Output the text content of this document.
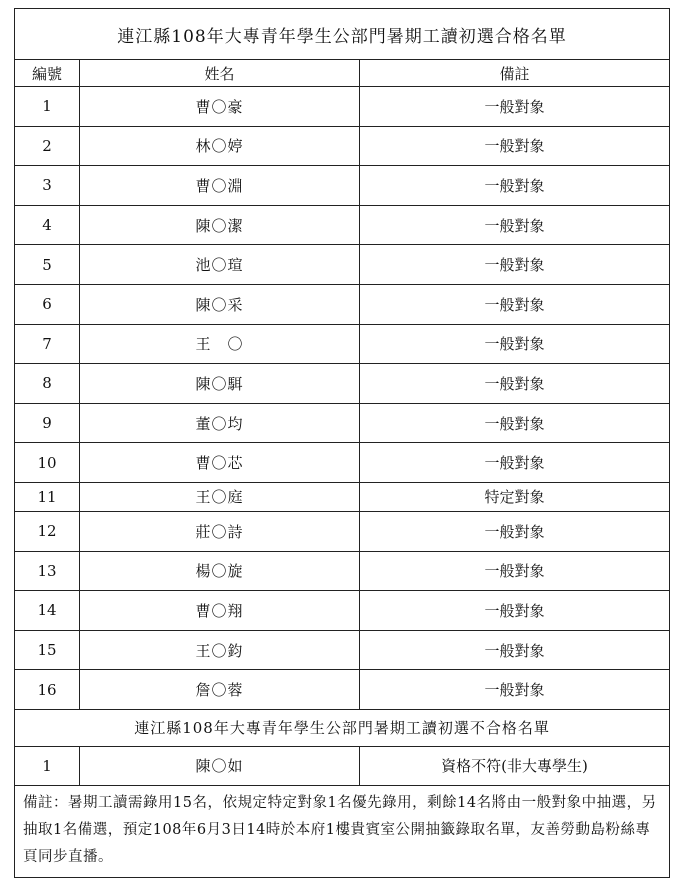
連江縣108年大專青年學生公部門暑期工讀初選合格名單		
編號	姓名	備註
1	曹〇豪	一般對象
2	林〇婷	一般對象
3	曹〇淵	一般對象
4	陳〇潔	一般對象
5	池〇瑄	一般對象
6	陳〇采	一般對象
7	王　〇	一般對象
8	陳〇駬	一般對象
9	董〇均	一般對象
10	曹〇芯	一般對象
11	王〇庭	特定對象
12	莊〇詩	一般對象
13	楊〇旋	一般對象
14	曹〇翔	一般對象
15	王〇鈞	一般對象
16	詹〇蓉	一般對象
連江縣108年大專青年學生公部門暑期工讀初選不合格名單		
1	陳〇如	資格不符(非大專學生)
備註：暑期工讀需錄用15名，依規定特定對象1名優先錄用，剩餘14名將由一般對象中抽選，另抽取1名備選，預定108年6月3日14時於本府1樓貴賓室公開抽籤錄取名單，友善勞動島粉絲專頁同步直播。		
